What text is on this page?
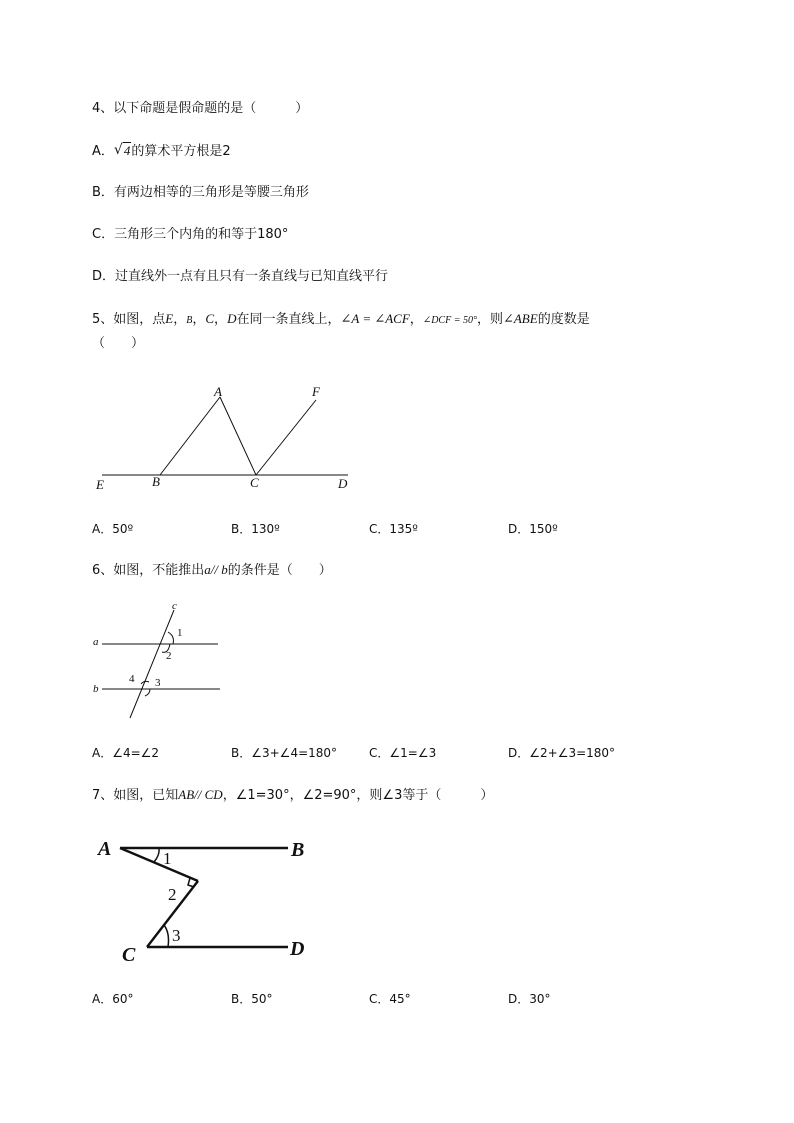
4、以下命题是假命题的是（　　　）
A． √ 4的算术平方根是2
B．有两边相等的三角形是等腰三角形
C．三角形三个内角的和等于180°
D．过直线外一点有且只有一条直线与已知直线平行
5、如图，点E，B，C，D在同一条直线上，∠A = ∠ACF，∠DCF = 50°，则∠ABE的度数是
（　　）
A	F
E	B	C	D
A．50º	B．130º	C．135º	D．150º
6、如图，不能推出a// b的条件是（　　）
c
a
b
1
2
3
4
A．∠4=∠2	B．∠3+∠4=180°	C．∠1=∠3	D．∠2+∠3=180°
7、如图，已知AB// CD，∠1=30°，∠2=90°，则∠3等于（　　　）
A	B
C	D
1
2
3
A．60°	B．50°	C．45°	D．30°
